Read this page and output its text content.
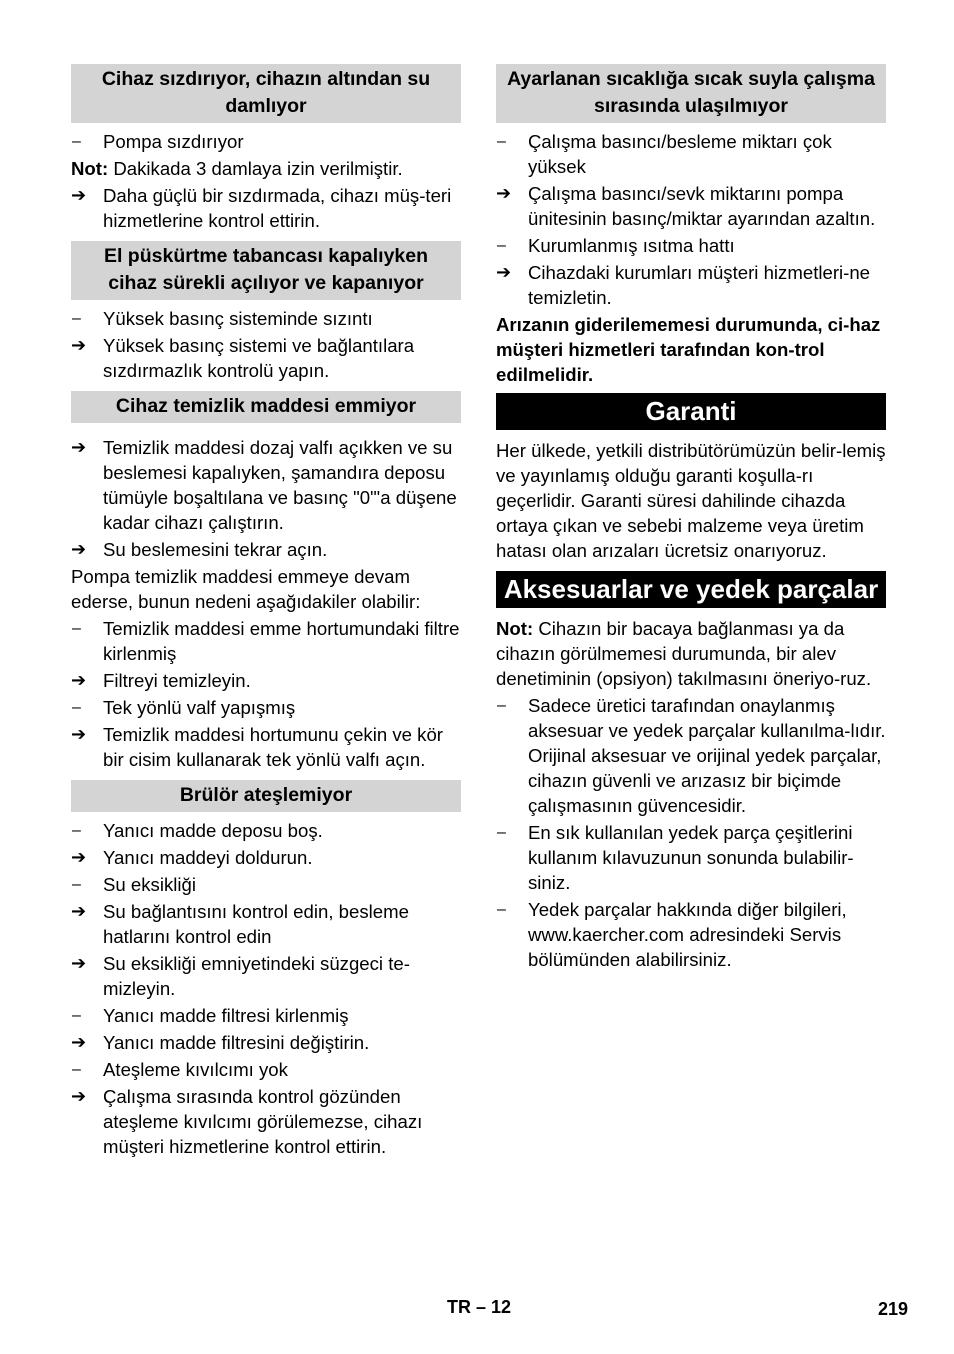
Cihaz sızdırıyor, cihazın altından su damlıyor
–	Pompa sızdırıyor
Not: Dakikada 3 damlaya izin verilmiştir.
➔ Daha güçlü bir sızdırmada, cihazı müş-teri hizmetlerine kontrol ettirin.
El püskürtme tabancası kapalıyken cihaz sürekli açılıyor ve kapanıyor
–	Yüksek basınç sisteminde sızıntı
➔ Yüksek basınç sistemi ve bağlantılara sızdırmazlık kontrolü yapın.
Cihaz temizlik maddesi emmiyor
➔ Temizlik maddesi dozaj valfı açıkken ve su beslemesi kapalıyken, şamandıra deposu tümüyle boşaltılana ve basınç "0"'a düşene kadar cihazı çalıştırın.
➔ Su beslemesini tekrar açın.
Pompa temizlik maddesi emmeye devam ederse, bunun nedeni aşağıdakiler olabilir:
–	Temizlik maddesi emme hortumundaki filtre kirlenmiş
➔ Filtreyi temizleyin.
–	Tek yönlü valf yapışmış
➔ Temizlik maddesi hortumunu çekin ve kör bir cisim kullanarak tek yönlü valfı açın.
Brülör ateşlemiyor
–	Yanıcı madde deposu boş.
➔ Yanıcı maddeyi doldurun.
–	Su eksikliği
➔ Su bağlantısını kontrol edin, besleme hatlarını kontrol edin
➔ Su eksikliği emniyetindeki süzgeci te-mizleyin.
–	Yanıcı madde filtresi kirlenmiş
➔ Yanıcı madde filtresini değiştirin.
–	Ateşleme kıvılcımı yok
➔ Çalışma sırasında kontrol gözünden ateşleme kıvılcımı görülemezse, cihazı müşteri hizmetlerine kontrol ettirin.
Ayarlanan sıcaklığa sıcak suyla çalışma sırasında ulaşılmıyor
–	Çalışma basıncı/besleme miktarı çok yüksek
➔ Çalışma basıncı/sevk miktarını pompa ünitesinin basınç/miktar ayarından azaltın.
–	Kurumlanmış ısıtma hattı
➔ Cihazdaki kurumları müşteri hizmetleri-ne temizletin.
Arızanın giderilememesi durumunda, ci-haz müşteri hizmetleri tarafından kon-trol edilmelidir.
Garanti
Her ülkede, yetkili distribütörümüzün belir-lemiş ve yayınlamış olduğu garanti koşulla-rı geçerlidir. Garanti süresi dahilinde cihazda ortaya çıkan ve sebebi malzeme veya üretim hatası olan arızaları ücretsiz onarıyoruz.
Aksesuarlar ve yedek parçalar
Not: Cihazın bir bacaya bağlanması ya da cihazın görülmemesi durumunda, bir alev denetiminin (opsiyon) takılmasını öneriyo-ruz.
–	Sadece üretici tarafından onaylanmış aksesuar ve yedek parçalar kullanılma-lıdır. Orijinal aksesuar ve orijinal yedek parçalar, cihazın güvenli ve arızasız bir biçimde çalışmasının güvencesidir.
–	En sık kullanılan yedek parça çeşitlerini kullanım kılavuzunun sonunda bulabilir-siniz.
–	Yedek parçalar hakkında diğer bilgileri, www.kaercher.com adresindeki Servis bölümünden alabilirsiniz.
TR – 12	219
